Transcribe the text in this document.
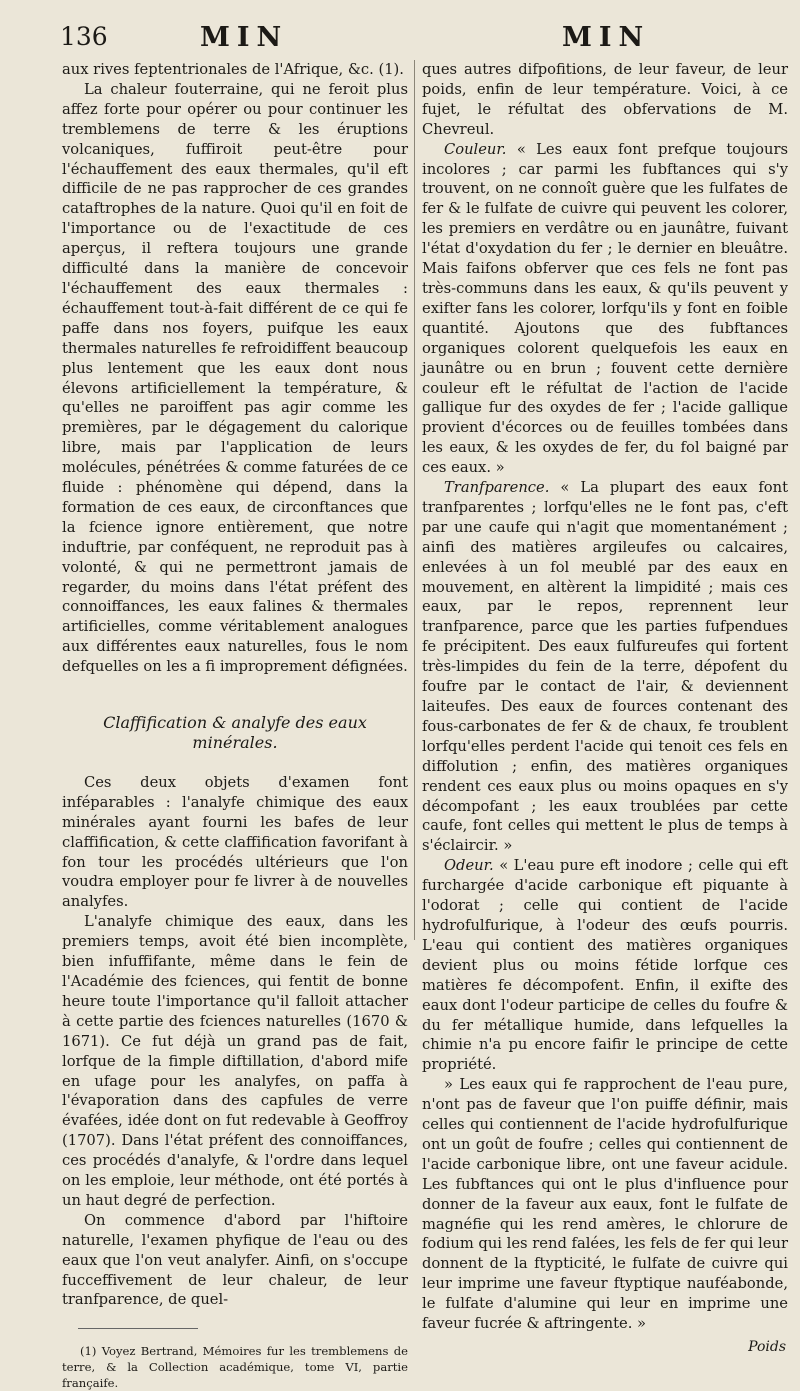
136	MIN	MIN

aux rives feptentrionales de l'Afrique, &c. (1).

La chaleur fouterraine, qui ne feroit plus affez forte pour opérer ou pour continuer les tremblemens de terre & les éruptions volcaniques, fuffiroit peut-être pour l'échauffement des eaux thermales, qu'il eft difficile de ne pas rapprocher de ces grandes cataftrophes de la nature. Quoi qu'il en foit de l'importance ou de l'exactitude de ces aperçus, il reftera toujours une grande difficulté dans la manière de concevoir l'échauffement des eaux thermales : échauffement tout-à-fait différent de ce qui fe paffe dans nos foyers, puifque les eaux thermales naturelles fe refroidiffent beaucoup plus lentement que les eaux dont nous élevons artificiellement la température, & qu'elles ne paroiffent pas agir comme les premières, par le dégagement du calorique libre, mais par l'application de leurs molécules, pénétrées & comme faturées de ce fluide : phénomène qui dépend, dans la formation de ces eaux, de circonftances que la fcience ignore entièrement, que notre induftrie, par conféquent, ne reproduit pas à volonté, & qui ne permettront jamais de regarder, du moins dans l'état préfent des connoiffances, les eaux falines & thermales artificielles, comme véritablement analogues aux différentes eaux naturelles, fous le nom defquelles on les a fi improprement défignées.

Claffification & analyfe des eaux minérales.

Ces deux objets d'examen font inféparables : l'analyfe chimique des eaux minérales ayant fourni les bafes de leur claffification, & cette claffification favorifant à fon tour les procédés ultérieurs que l'on voudra employer pour fe livrer à de nouvelles analyfes.

L'analyfe chimique des eaux, dans les premiers temps, avoit été bien incomplète, bien infuffifante, même dans le fein de l'Académie des fciences, qui fentit de bonne heure toute l'importance qu'il falloit attacher à cette partie des fciences naturelles (1670 & 1671). Ce fut déjà un grand pas de fait, lorfque de la fimple diftillation, d'abord mife en ufage pour les analyfes, on paffa à l'évaporation dans des capfules de verre évafées, idée dont on fut redevable à Geoffroy (1707). Dans l'état préfent des connoiffances, ces procédés d'analyfe, & l'ordre dans lequel on les emploie, leur méthode, ont été portés à un haut degré de perfection.

On commence d'abord par l'hiftoire naturelle, l'examen phyfique de l'eau ou des eaux que l'on veut analyfer. Ainfi, on s'occupe fucceffivement de leur chaleur, de leur tranfparence, de quel-

(1) Voyez Bertrand, Mémoires fur les tremblemens de terre, & la Collection académique, tome VI, partie françaife.

ques autres difpofitions, de leur faveur, de leur poids, enfin de leur température. Voici, à ce fujet, le réfultat des obfervations de M. Chevreul.

Couleur. « Les eaux font prefque toujours incolores ; car parmi les fubftances qui s'y trouvent, on ne connoît guère que les fulfates de fer & le fulfate de cuivre qui peuvent les colorer, les premiers en verdâtre ou en jaunâtre, fuivant l'état d'oxydation du fer ; le dernier en bleuâtre. Mais faifons obferver que ces fels ne font pas très-communs dans les eaux, & qu'ils peuvent y exifter fans les colorer, lorfqu'ils y font en foible quantité. Ajoutons que des fubftances organiques colorent quelquefois les eaux en jaunâtre ou en brun ; fouvent cette dernière couleur eft le réfultat de l'action de l'acide gallique fur des oxydes de fer ; l'acide gallique provient d'écorces ou de feuilles tombées dans les eaux, & les oxydes de fer, du fol baigné par ces eaux. »

Tranfparence. « La plupart des eaux font tranfparentes ; lorfqu'elles ne le font pas, c'eft par une caufe qui n'agit que momentanément ; ainfi des matières argileufes ou calcaires, enlevées à un fol meublé par des eaux en mouvement, en altèrent la limpidité ; mais ces eaux, par le repos, reprennent leur tranfparence, parce que les parties fufpendues fe précipitent. Des eaux fulfureufes qui fortent très-limpides du fein de la terre, dépofent du foufre par le contact de l'air, & deviennent laiteufes. Des eaux de fources contenant des fous-carbonates de fer & de chaux, fe troublent lorfqu'elles perdent l'acide qui tenoit ces fels en diffolution ; enfin, des matières organiques rendent ces eaux plus ou moins opaques en s'y décompofant ; les eaux troublées par cette caufe, font celles qui mettent le plus de temps à s'éclaircir. »

Odeur. « L'eau pure eft inodore ; celle qui eft furchargée d'acide carbonique eft piquante à l'odorat ; celle qui contient de l'acide hydrofulfurique, à l'odeur des œufs pourris. L'eau qui contient des matières organiques devient plus ou moins fétide lorfque ces matières fe décompofent. Enfin, il exifte des eaux dont l'odeur participe de celles du foufre & du fer métallique humide, dans lefquelles la chimie n'a pu encore faifir le principe de cette propriété.

» Les eaux qui fe rapprochent de l'eau pure, n'ont pas de faveur que l'on puiffe définir, mais celles qui contiennent de l'acide hydrofulfurique ont un goût de foufre ; celles qui contiennent de l'acide carbonique libre, ont une faveur acidule. Les fubftances qui ont le plus d'influence pour donner de la faveur aux eaux, font le fulfate de magnéfie qui les rend amères, le chlorure de fodium qui les rend falées, les fels de fer qui leur donnent de la ftypticité, le fulfate de cuivre qui leur imprime une faveur ftyptique nauféabonde, le fulfate d'alumine qui leur en imprime une faveur fucrée & aftringente. »

Poids
